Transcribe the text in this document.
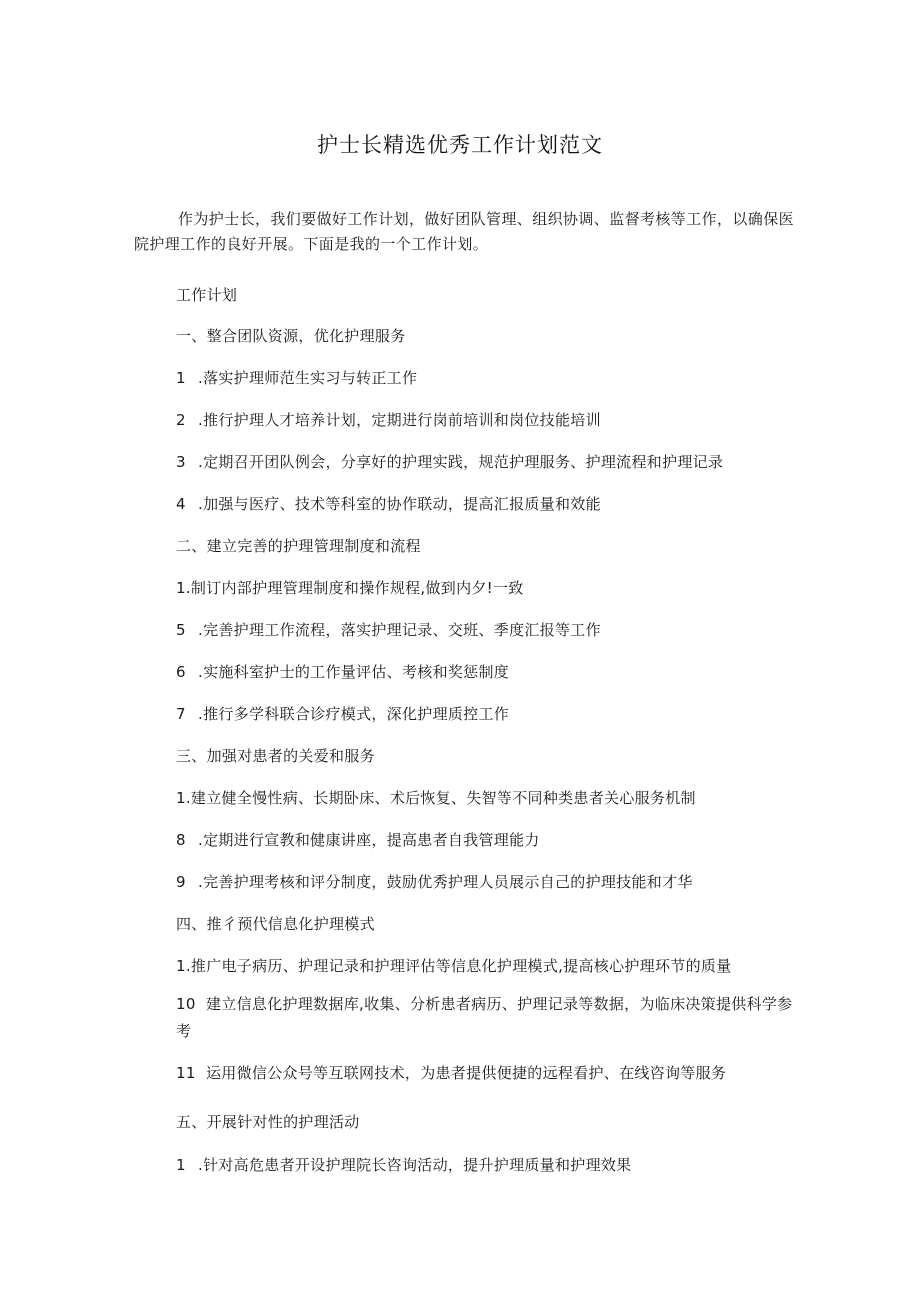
护士长精选优秀工作计划范文
作为护士长，我们要做好工作计划，做好团队管理、组织协调、监督考核等工作，以确保医院护理工作的良好开展。下面是我的一个工作计划。
工作计划
一、整合团队资源，优化护理服务
1 .落实护理师范生实习与转正工作
2 .推行护理人才培养计划，定期进行岗前培训和岗位技能培训
3 .定期召开团队例会，分享好的护理实践，规范护理服务、护理流程和护理记录
4 .加强与医疗、技术等科室的协作联动，提高汇报质量和效能
二、建立完善的护理管理制度和流程
1.制订内部护理管理制度和操作规程,做到内夕!一致
5 .完善护理工作流程，落实护理记录、交班、季度汇报等工作
6 .实施科室护士的工作量评估、考核和奖惩制度
7 .推行多学科联合诊疗模式，深化护理质控工作
三、加强对患者的关爱和服务
1.建立健全慢性病、长期卧床、术后恢复、失智等不同种类患者关心服务机制
8 .定期进行宣教和健康讲座，提高患者自我管理能力
9 .完善护理考核和评分制度，鼓励优秀护理人员展示自己的护理技能和才华
四、推彳预代信息化护理模式
1.推广电子病历、护理记录和护理评估等信息化护理模式,提高核心护理环节的质量
10 建立信息化护理数据库,收集、分析患者病历、护理记录等数据，为临床决策提供科学参考
11 运用微信公众号等互联网技术，为患者提供便捷的远程看护、在线咨询等服务
五、开展针对性的护理活动
1 .针对高危患者开设护理院长咨询活动，提升护理质量和护理效果
